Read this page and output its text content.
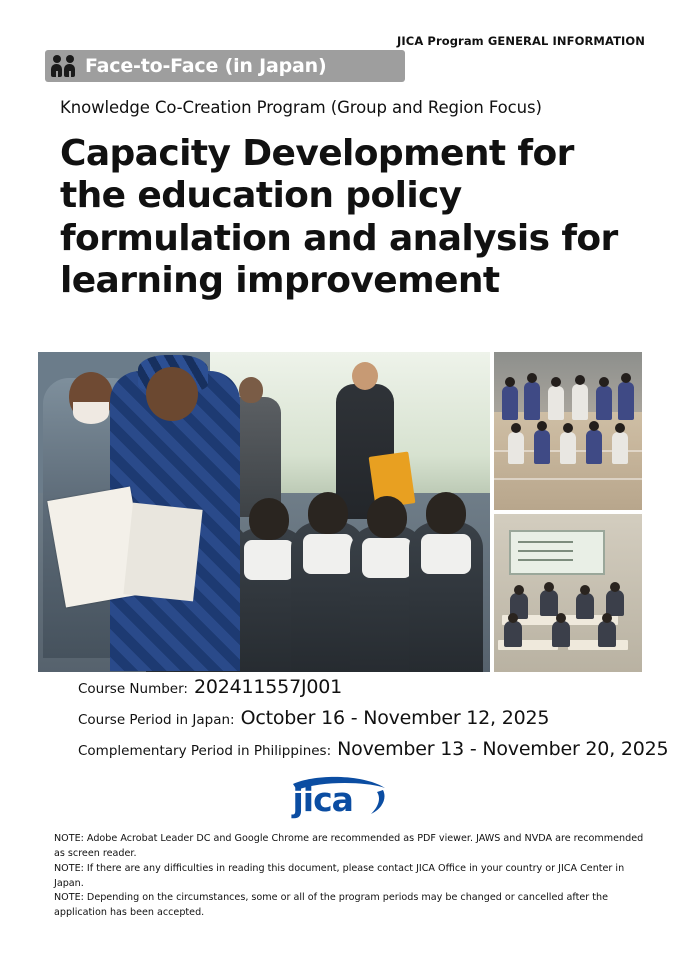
JICA Program GENERAL INFORMATION
Face-to-Face (in Japan)
Knowledge Co-Creation Program (Group and Region Focus)
Capacity Development for the education policy formulation and analysis for learning improvement
Course Number: 202411557J001
Course Period in Japan: October 16 - November 12, 2025
Complementary Period in Philippines: November 13 - November 20, 2025
jica
NOTE: Adobe Acrobat Leader DC and Google Chrome are recommended as PDF viewer. JAWS and NVDA are recommended as screen reader.
NOTE: If there are any difficulties in reading this document, please contact JICA Office in your country or JICA Center in Japan.
NOTE: Depending on the circumstances, some or all of the program periods may be changed or cancelled after the application has been accepted.
